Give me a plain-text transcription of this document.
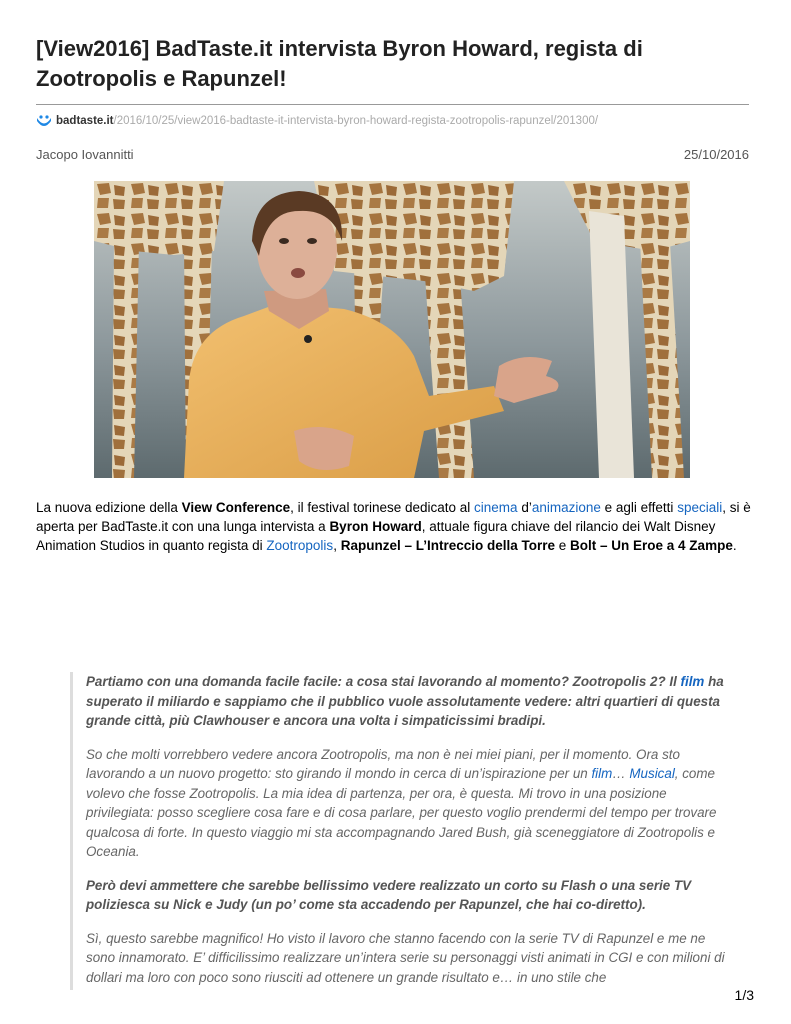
[View2016] BadTaste.it intervista Byron Howard, regista di Zootropolis e Rapunzel!
badtaste.it /2016/10/25/view2016-badtaste-it-intervista-byron-howard-regista-zootropolis-rapunzel/201300/
Jacopo Iovannitti	25/10/2016

La nuova edizione della View Conference, il festival torinese dedicato al cinema d’animazione e agli effetti speciali, si è aperta per BadTaste.it con una lunga intervista a Byron Howard, attuale figura chiave del rilancio dei Walt Disney Animation Studios in quanto regista di Zootropolis, Rapunzel – L’Intreccio della Torre e Bolt – Un Eroe a 4 Zampe.

Partiamo con una domanda facile facile: a cosa stai lavorando al momento? Zootropolis 2? Il film ha superato il miliardo e sappiamo che il pubblico vuole assolutamente vedere: altri quartieri di questa grande città, più Clawhouser e ancora una volta i simpaticissimi bradipi.

So che molti vorrebbero vedere ancora Zootropolis, ma non è nei miei piani, per il momento. Ora sto lavorando a un nuovo progetto: sto girando il mondo in cerca di un’ispirazione per un film… Musical, come volevo che fosse Zootropolis. La mia idea di partenza, per ora, è questa. Mi trovo in una posizione privilegiata: posso scegliere cosa fare e di cosa parlare, per questo voglio prendermi del tempo per trovare qualcosa di forte. In questo viaggio mi sta accompagnando Jared Bush, già sceneggiatore di Zootropolis e Oceania.

Però devi ammettere che sarebbe bellissimo vedere realizzato un corto su Flash o una serie TV poliziesca su Nick e Judy (un po’ come sta accadendo per Rapunzel, che hai co-diretto).

Sì, questo sarebbe magnifico! Ho visto il lavoro che stanno facendo con la serie TV di Rapunzel e me ne sono innamorato. E’ difficilissimo realizzare un’intera serie su personaggi visti animati in CGI e con milioni di dollari ma loro con poco sono riusciti ad ottenere un grande risultato e… in uno stile che

1/3
